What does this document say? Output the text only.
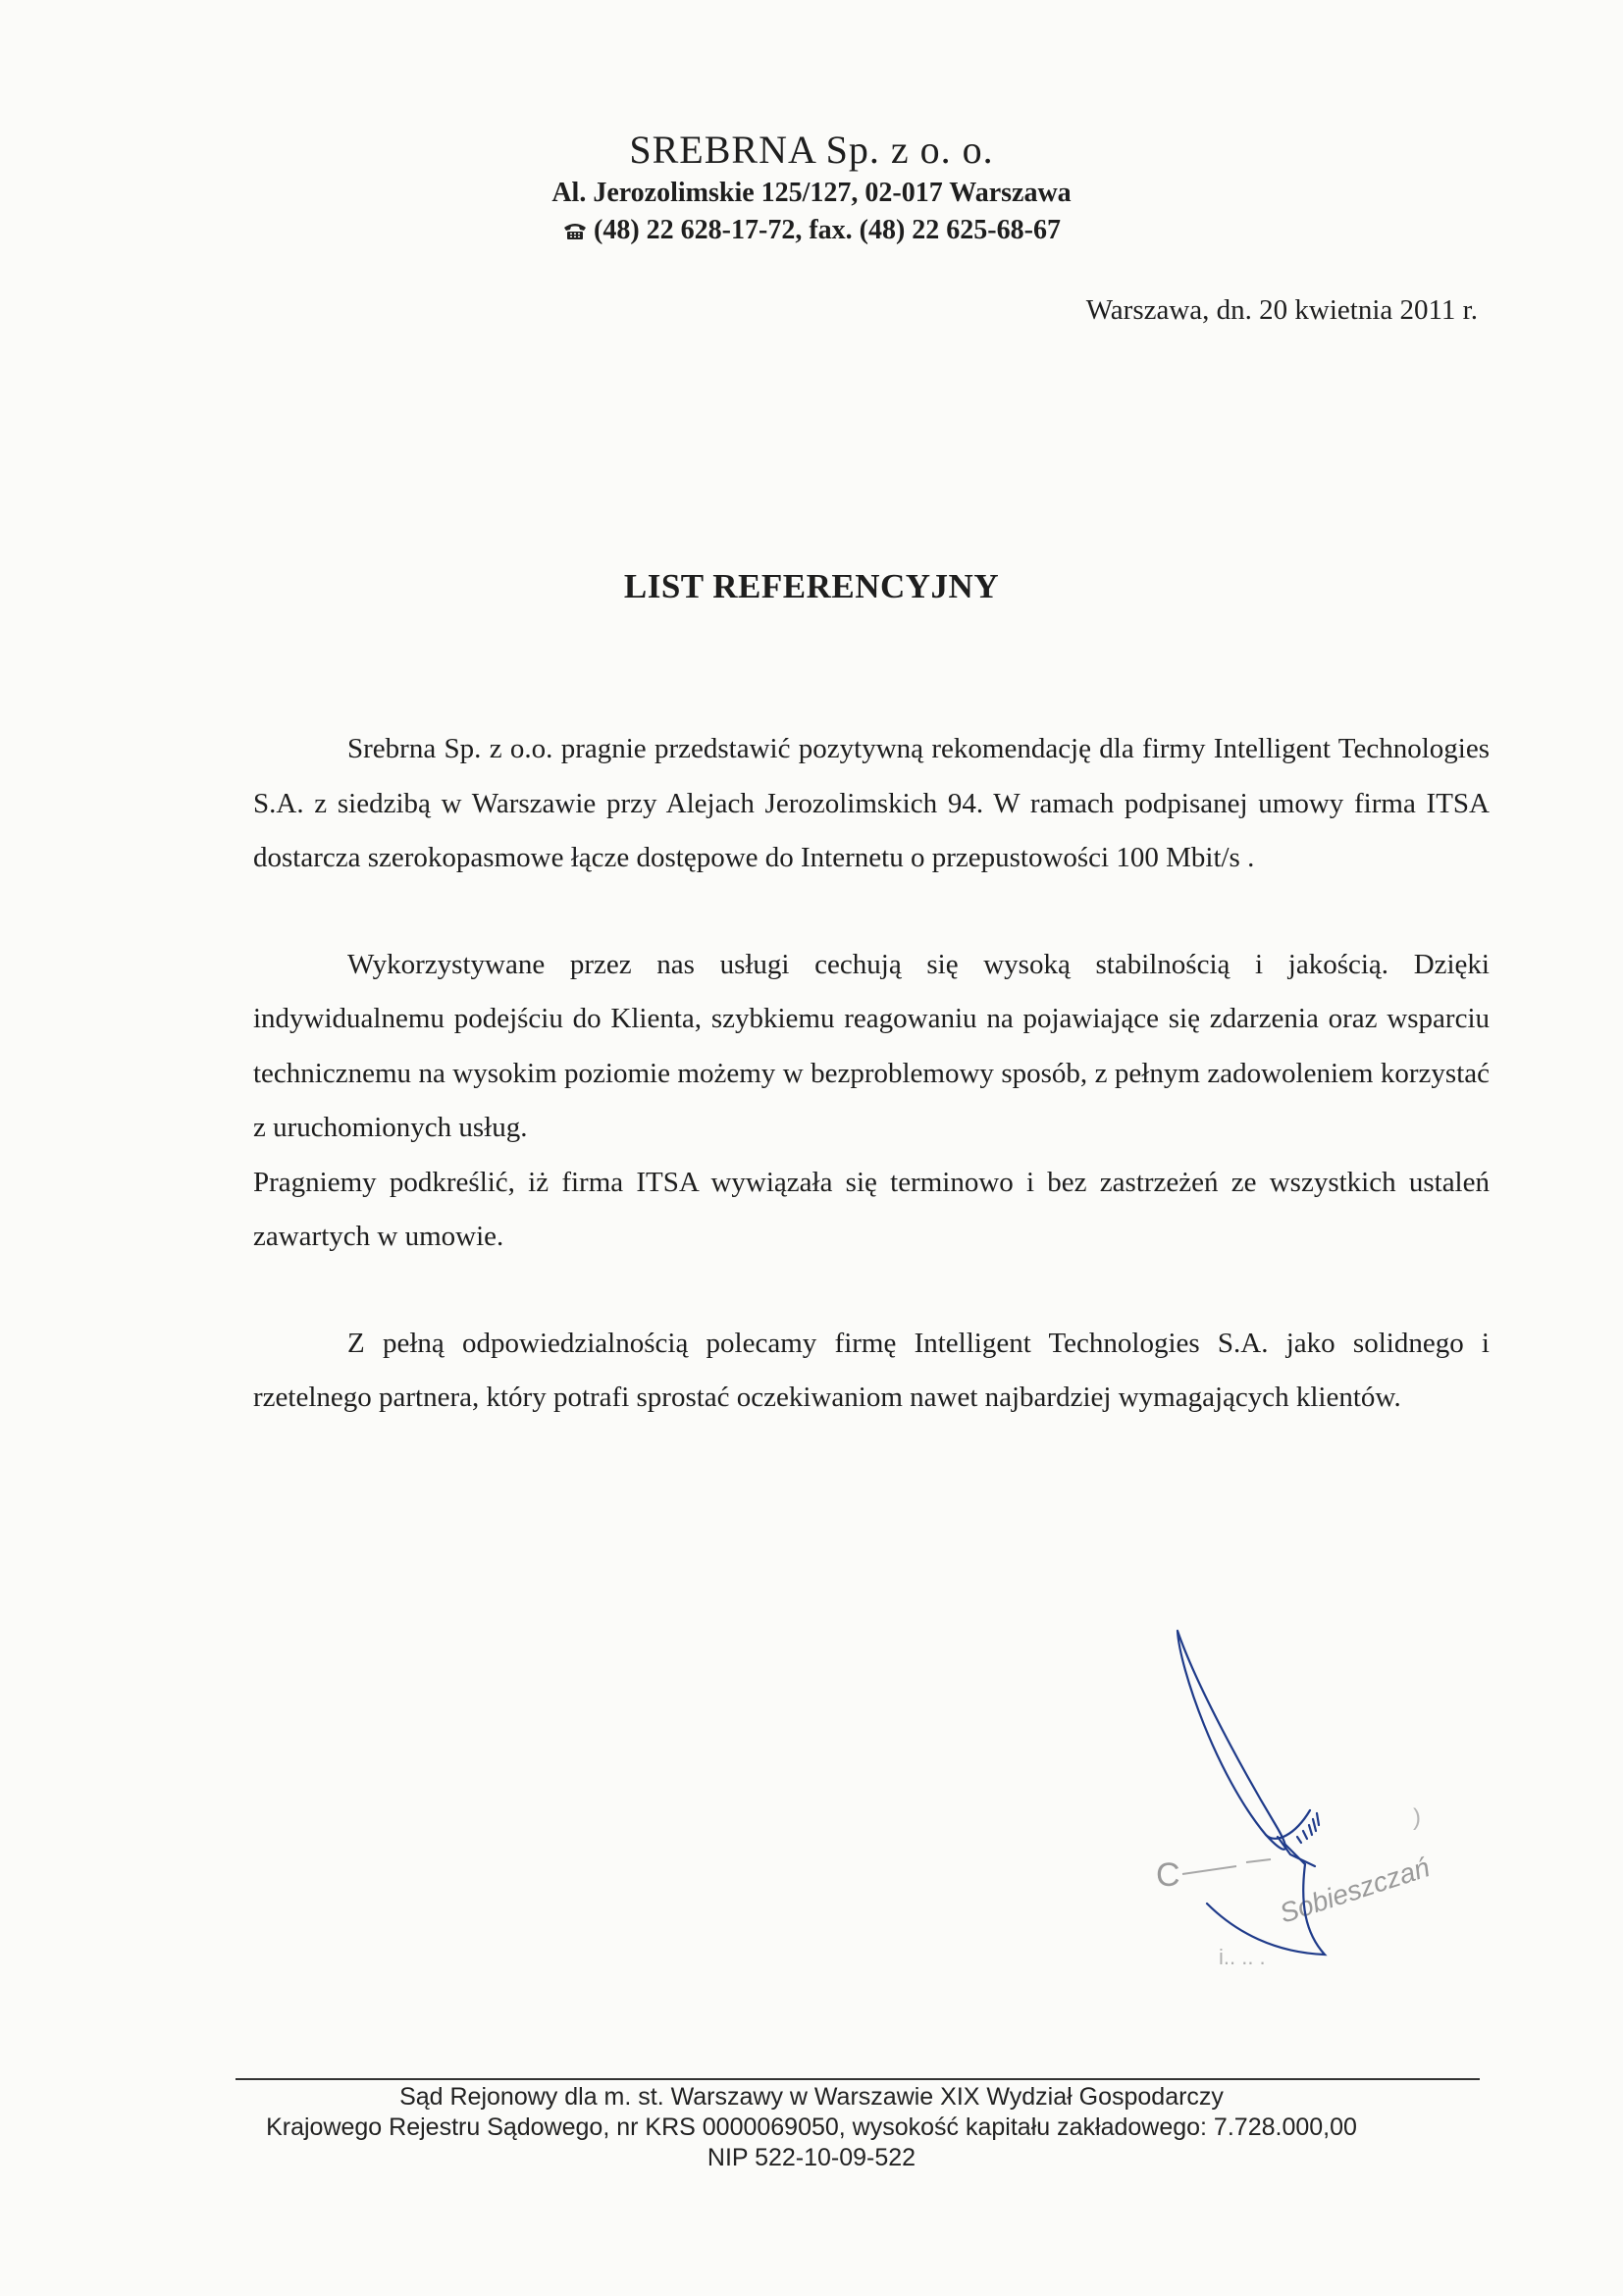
SREBRNA Sp. z o. o.

Al. Jerozolimskie 125/127, 02-017 Warszawa

(48) 22 628-17-72, fax. (48) 22 625-68-67

Warszawa, dn. 20 kwietnia 2011 r.
LIST REFERENCYJNY

Srebrna Sp. z o.o. pragnie przedstawić pozytywną rekomendację dla firmy Intelligent Technologies S.A. z siedzibą w Warszawie przy Alejach Jerozolimskich 94. W ramach podpisanej umowy firma ITSA dostarcza szerokopasmowe łącze dostępowe do Internetu o przepustowości 100 Mbit/s .

Wykorzystywane przez nas usługi cechują się wysoką stabilnością i jakością. Dzięki indywidualnemu podejściu do Klienta, szybkiemu reagowaniu na pojawiające się zdarzenia oraz wsparciu technicznemu na wysokim poziomie możemy w bezproblemowy sposób, z pełnym zadowoleniem korzystać z uruchomionych usług.

Pragniemy podkreślić, iż firma ITSA wywiązała się terminowo i bez zastrzeżeń ze wszystkich ustaleń zawartych w umowie.

Z pełną odpowiedzialnością polecamy firmę Intelligent Technologies S.A. jako solidnego i rzetelnego partnera, który potrafi sprostać oczekiwaniom nawet najbardziej wymagających klientów.

C	Sobieszczań
i.. .. .
)
Sąd Rejonowy dla m. st. Warszawy w Warszawie XIX Wydział Gospodarczy
Krajowego Rejestru Sądowego, nr KRS 0000069050, wysokość kapitału zakładowego: 7.728.000,00
NIP 522-10-09-522
